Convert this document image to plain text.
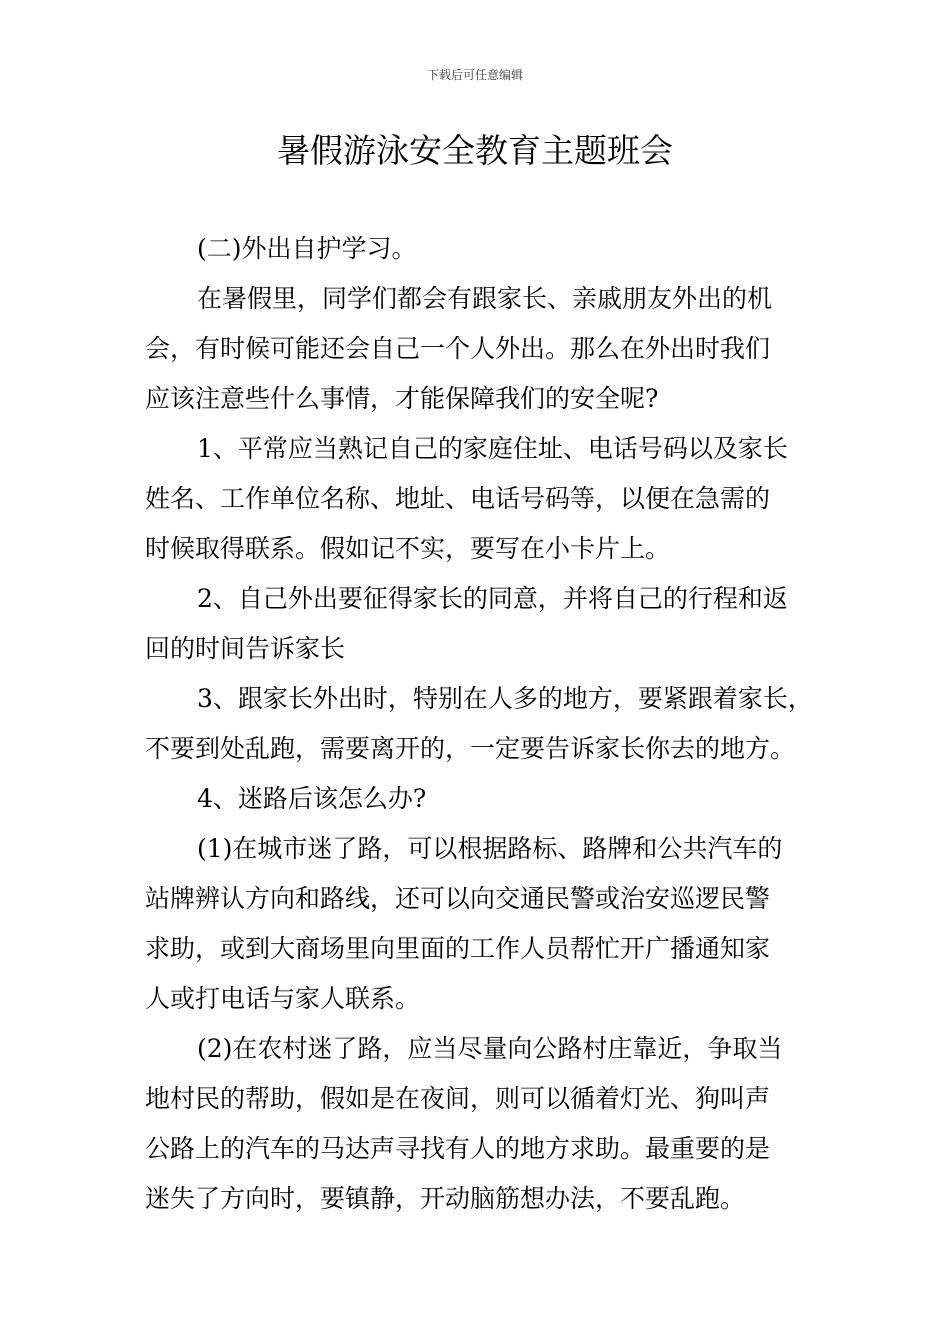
下载后可任意编辑
暑假游泳安全教育主题班会

(二)外出自护学习。

在暑假里，同学们都会有跟家长、亲戚朋友外出的机
会，有时候可能还会自己一个人外出。那么在外出时我们
应该注意些什么事情，才能保障我们的安全呢?

1、平常应当熟记自己的家庭住址、电话号码以及家长
姓名、工作单位名称、地址、电话号码等，以便在急需的
时候取得联系。假如记不实，要写在小卡片上。

2、自己外出要征得家长的同意，并将自己的行程和返
回的时间告诉家长

3、跟家长外出时，特别在人多的地方，要紧跟着家长，
不要到处乱跑，需要离开的，一定要告诉家长你去的地方。

4、迷路后该怎么办?

(1)在城市迷了路，可以根据路标、路牌和公共汽车的
站牌辨认方向和路线，还可以向交通民警或治安巡逻民警
求助，或到大商场里向里面的工作人员帮忙开广播通知家
人或打电话与家人联系。

(2)在农村迷了路，应当尽量向公路村庄靠近，争取当
地村民的帮助，假如是在夜间，则可以循着灯光、狗叫声
公路上的汽车的马达声寻找有人的地方求助。最重要的是
迷失了方向时，要镇静，开动脑筋想办法，不要乱跑。
